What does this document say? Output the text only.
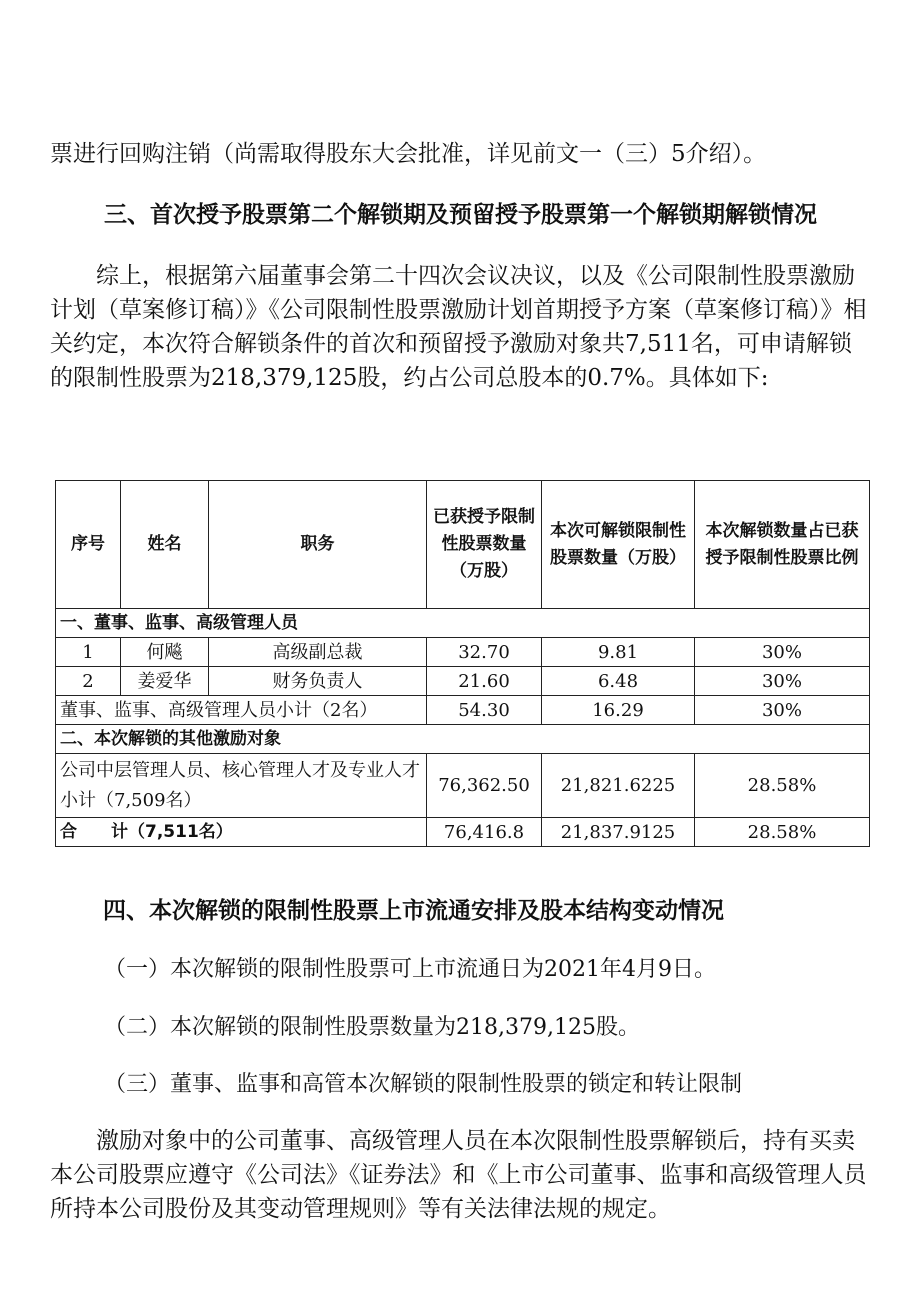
票进行回购注销（尚需取得股东大会批准，详见前文一（三）5介绍）。

三、首次授予股票第二个解锁期及预留授予股票第一个解锁期解锁情况

综上，根据第六届董事会第二十四次会议决议，以及《公司限制性股票激励计划（草案修订稿）》《公司限制性股票激励计划首期授予方案（草案修订稿）》相关约定，本次符合解锁条件的首次和预留授予激励对象共7,511名，可申请解锁的限制性股票为218,379,125股，约占公司总股本的0.7%。具体如下:

序号	姓名	职务	已获授予限制性股票数量（万股）	本次可解锁限制性股票数量（万股）	本次解锁数量占已获授予限制性股票比例
一、董事、监事、高级管理人员					
1	何飚	高级副总裁	32.70	9.81	30%
2	姜爱华	财务负责人	21.60	6.48	30%
董事、监事、高级管理人员小计（2名）			54.30	16.29	30%
二、本次解锁的其他激励对象					
公司中层管理人员、核心管理人才及专业人才小计（7,509名）			76,362.50	21,821.6225	28.58%
合　　计（7,511名）			76,416.8	21,837.9125	28.58%

四、本次解锁的限制性股票上市流通安排及股本结构变动情况

（一）本次解锁的限制性股票可上市流通日为2021年4月9日。

（二）本次解锁的限制性股票数量为218,379,125股。

（三）董事、监事和高管本次解锁的限制性股票的锁定和转让限制

激励对象中的公司董事、高级管理人员在本次限制性股票解锁后，持有买卖本公司股票应遵守《公司法》《证券法》和《上市公司董事、监事和高级管理人员所持本公司股份及其变动管理规则》等有关法律法规的规定。
